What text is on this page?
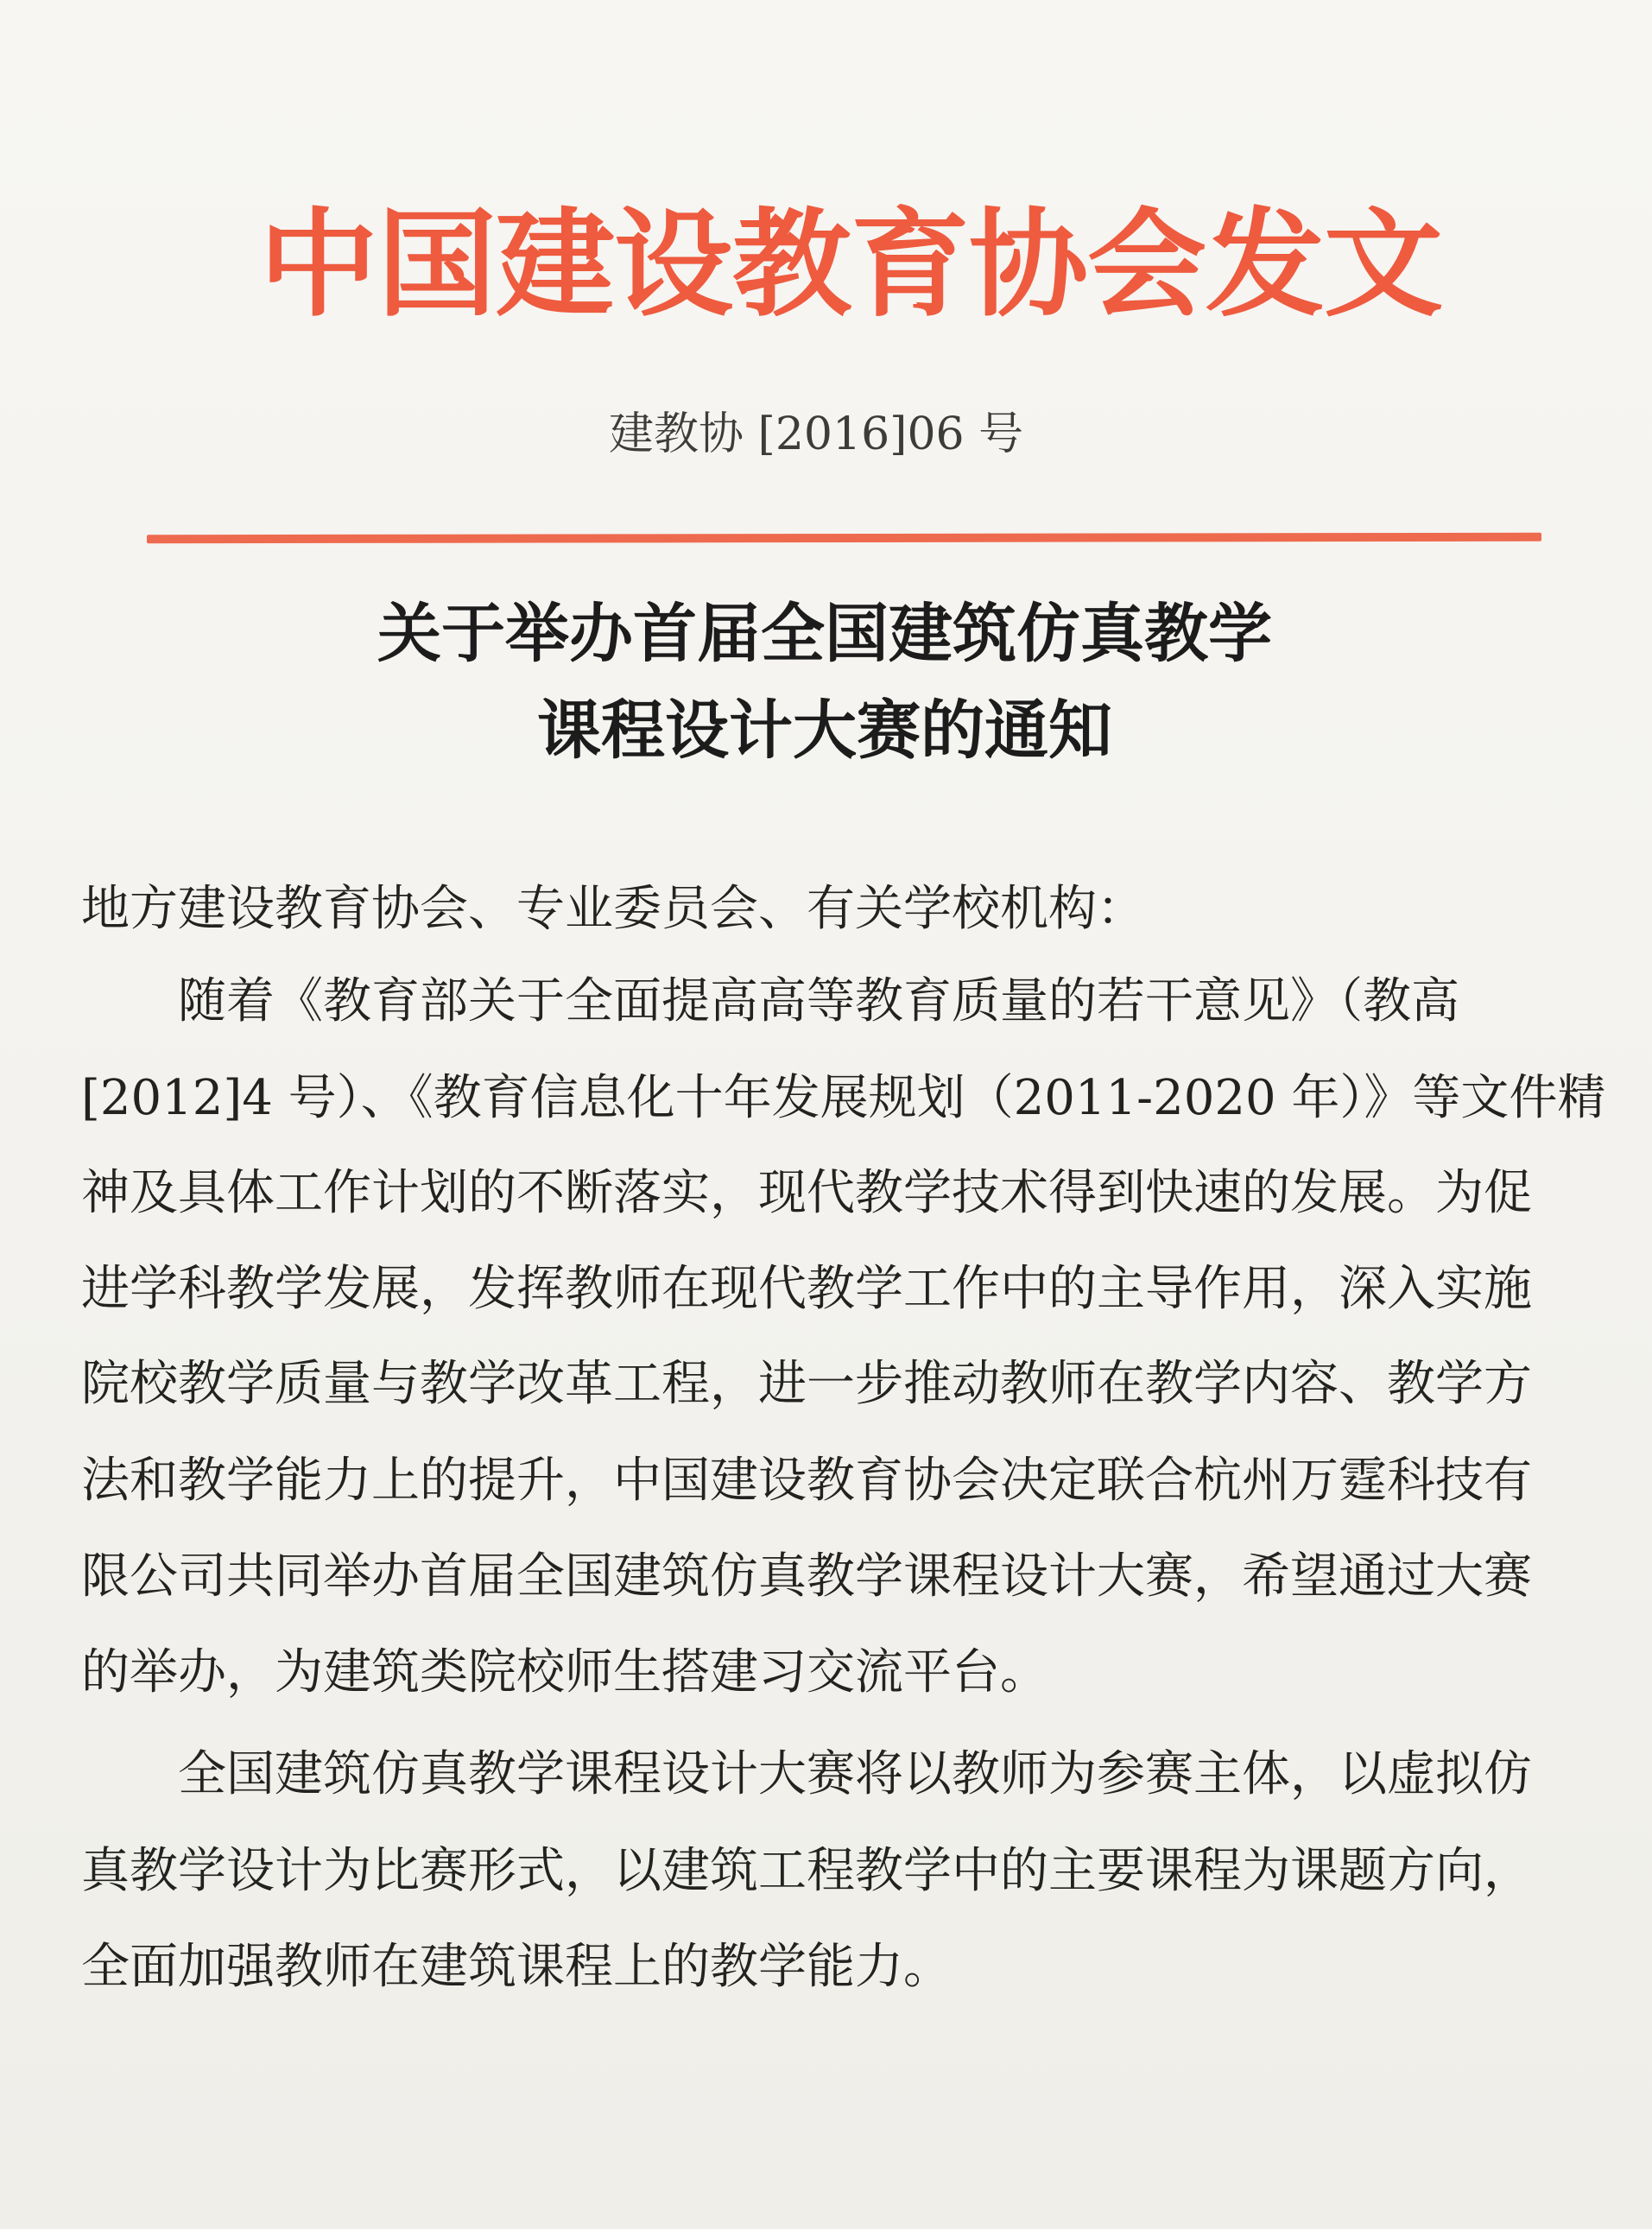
中国建设教育协会发文
建教协 [2016]06 号
关于举办首届全国建筑仿真教学
课程设计大赛的通知
地方建设教育协会、专业委员会、有关学校机构：
　　随着《教育部关于全面提高高等教育质量的若干意见》（教高
[2012]4 号）、《教育信息化十年发展规划（2011-2020 年）》等文件精
神及具体工作计划的不断落实，现代教学技术得到快速的发展。为促
进学科教学发展，发挥教师在现代教学工作中的主导作用，深入实施
院校教学质量与教学改革工程，进一步推动教师在教学内容、教学方
法和教学能力上的提升，中国建设教育协会决定联合杭州万霆科技有
限公司共同举办首届全国建筑仿真教学课程设计大赛，希望通过大赛
的举办，为建筑类院校师生搭建习交流平台。
　　全国建筑仿真教学课程设计大赛将以教师为参赛主体，以虚拟仿
真教学设计为比赛形式，以建筑工程教学中的主要课程为课题方向，
全面加强教师在建筑课程上的教学能力。
